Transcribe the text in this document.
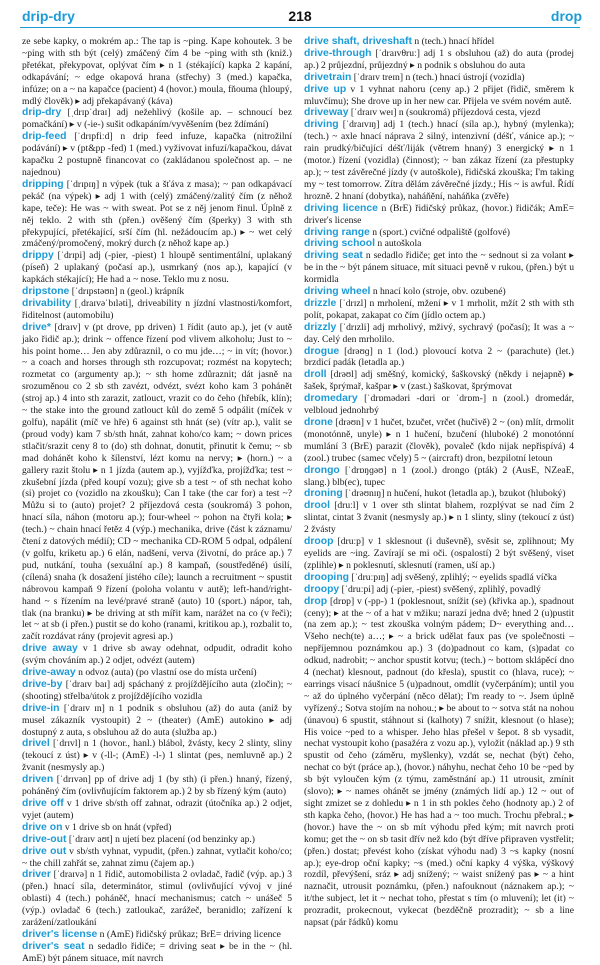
drip-dry	218	drop

ze sebe kapky, o mokrém ap.: The tap is ~ping. Kape kohoutek. 3 be ~ping with sth být (celý) zmáčený čím 4 be ~ping with sth (kniž.) přetékat, překypovat, oplývat čím ▸ n 1 (stékající) kapka 2 kapání, odkapávání; ~ edge okapová hrana (střechy) 3 (med.) kapačka, infúze; on a ~ na kapačce (pacient) 4 (hovor.) moula, fňouma (hloupý, mdlý člověk) ▸ adj překapávaný (káva)

drip-dry [ˌdrɪpˈdraɪ] adj nežehlivý (košile ap. – schnoucí bez pomačkání) ▸ v (-ie-) sušit odkapáním/vyvěšením (bez ždímání)

drip-feed [ˈdrɪpfiːd] n drip feed infuze, kapačka (nitrožilní podávání) ▸ v (pt&pp -fed) 1 (med.) vyživovat infuzí/kapačkou, dávat kapačku 2 postupně financovat co (zakládanou společnost ap. – ne najednou)

dripping [ˈdrɪpɪŋ] n výpek (tuk a šťáva z masa); ~ pan odkapávací pekáč (na výpek) ▸ adj 1 with (celý) zmáčený/zalitý čím (z něhož kape, teče): He was ~ with sweat. Pot se z něj jenom řinul. Úplně z něj teklo. 2 with sth (přen.) ověšený čím (šperky) 3 with sth překypující, přetékající, srší čím (hl. nežádoucím ap.) ▸ ~ wet celý zmáčený/promočený, mokrý durch (z něhož kape ap.)

drippy [ˈdrɪpi] adj (-pier, -piest) 1 hloupě sentimentální, uplakaný (píseň) 2 uplakaný (počasí ap.), usmrkaný (nos ap.), kapající (v kapkách stékající); He had a ~ nose. Teklo mu z nosu.

dripstone [ˈdrɪpstəʊn] n (geol.) krápník

drivability [ˌdraɪvəˈbɪləti], driveability n jízdní vlastnosti/komfort, řiditelnost (automobilu)

drive* [draɪv] v (pt drove, pp driven) 1 řídit (auto ap.), jet (v autě jako řidič ap.); drink ~ offence řízení pod vlivem alkoholu; Just to ~ his point home… Jen aby zdůraznil, o co mu jde…; ~ in vít; (hovor.) ~ a coach and horses through sth rozcupovat; rozmést na kopytech; rozmetat co (argumenty ap.); ~ sth home zdůraznit; dát jasně na srozuměnou co 2 sb sth zavézt, odvézt, svézt koho kam 3 pohánět (stroj ap.) 4 into sth zarazit, zatlouct, vrazit co do čeho (hřebík, klín); ~ the stake into the ground zatlouct kůl do země 5 odpálit (míček v golfu), napálit (míč ve hře) 6 against sth hnát (se) (vítr ap.), valit se (proud vody) kam 7 sb/sth hnát, zahnat koho/co kam; ~ down prices stlačit/srazit ceny 8 to (do) sth dohnat, donutit, přinutit k čemu; ~ sb mad dohánět koho k šílenství, lézt komu na nervy; ▸ (horn.) ~ a gallery razit štolu ▸ n 1 jízda (autem ap.), vyjížďka, projížďka; test ~ zkušební jízda (před koupí vozu); give sb a test ~ of sth nechat koho (si) projet co (vozidlo na zkoušku); Can I take (the car for) a test ~? Můžu si to (auto) projet? 2 příjezdová cesta (soukromá) 3 pohon, hnací síla, náhon (motoru ap.); four-wheel ~ pohon na čtyři kola; ▸ (tech.) ~ chain hnací řetěz 4 (výp.) mechanika, drive (část k záznamu/čtení z datových médií); CD ~ mechanika CD-ROM 5 odpal, odpálení (v golfu, kriketu ap.) 6 elán, nadšení, verva (životní, do práce ap.) 7 pud, nutkání, touha (sexuální ap.) 8 kampaň, (soustředěné) úsilí, (cílená) snaha (k dosažení jistého cíle); launch a recruitment ~ spustit nábrovou kampaň 9 řízení (poloha volantu v autě); left-hand/right-hand ~ s řízením na levé/pravé straně (auto) 10 (sport.) nápor, tah, tlak (na branku) ▸ be driving at sth mířit kam, narážet na co (v řeči); let ~ at sb (i přen.) pustit se do koho (ranami, kritikou ap.), rozbalit to, začít rozdávat rány (projevit agresi ap.)

drive away v 1 drive sb away odehnat, odpudit, odradit koho (svým chováním ap.) 2 odjet, odvézt (autem)

drive-away n odvoz (auta) (po vlastní ose do místa určení)

drive-by [ˈdraɪv baɪ] adj spáchaný z projíždějícího auta (zločin); ~ (shooting) střelba/útok z projíždějícího vozidla

drive-in [ˈdraɪv ɪn] n 1 podnik s obsluhou (až) do auta (aniž by musel zákazník vystoupit) 2 ~ (theater) (AmE) autokino ▸ adj dostupný z auta, s obsluhou až do auta (služba ap.)

drivel [ˈdrɪvl] n 1 (hovor., hanl.) blábol, žvásty, kecy 2 slinty, sliny (tekoucí z úst) ▸ v (-ll-; (AmE) -l-) 1 slintat (pes, nemluvně ap.) 2 žvanit (nesmysly ap.)

driven [ˈdrɪvən] pp of drive adj 1 (by sth) (i přen.) hnaný, řízený, poháněný čím (ovlivňujícím faktorem ap.) 2 by sb řízený kým (auto)

drive off v 1 drive sb/sth off zahnat, odrazit (útočníka ap.) 2 odjet, vyjet (autem)

drive on v 1 drive sb on hnát (vpřed)

drive-out [ˈdraɪv aʊt] n ujetí bez placení (od benzinky ap.)

drive out v sb/sth vyhnat, vypudit, (přen.) zahnat, vytlačit koho/co; ~ the chill zahřát se, zahnat zimu (čajem ap.)

driver [ˈdraɪvə] n 1 řidič, automobilista 2 ovladač, řadič (výp. ap.) 3 (přen.) hnací síla, determinátor, stimul (ovlivňující vývoj v jiné oblasti) 4 (tech.) poháněč, hnací mechanismus; catch ~ unášeč 5 (výp.) ovladač 6 (tech.) zatloukač, zarážeč, beranidlo; zařízení k zarážení/zatloukání

driver's license n (AmE) řidičský průkaz; BrE= driving licence

driver's seat n sedadlo řidiče; = driving seat ▸ be in the ~ (hl. AmE) být pánem situace, mít navrch

drive shaft, driveshaft n (tech.) hnací hřídel

drive-through [ˈdraɪvθruː] adj 1 s obsluhou (až) do auta (prodej ap.) 2 průjezdní, průjezdný ▸ n podnik s obsluhou do auta

drivetrain [ˈdraɪv treɪn] n (tech.) hnací ústrojí (vozidla)

drive up v 1 vyhnat nahoru (ceny ap.) 2 přijet (řidič, směrem k mluvčímu); She drove up in her new car. Přijela ve svém novém autě.

driveway [ˈdraɪv weɪ] n (soukromá) příjezdová cesta, vjezd

driving [ˈdraɪvɪŋ] adj 1 (tech.) hnací (síla ap.), hybný (mylenka); (tech.) ~ axle hnací náprava 2 silný, intenzivní (déšť, vánice ap.); ~ rain prudký/bičující déšť/liják (větrem hnaný) 3 energický ▸ n 1 (motor.) řízení (vozidla) (činnost); ~ ban zákaz řízení (za přestupky ap.); ~ test závěrečné jízdy (v autoškole), řidičská zkouška; I'm taking my ~ test tomorrow. Zítra dělám závěrečné jízdy.; His ~ is awful. Řídí hrozně. 2 hnaní (dobytka), naháňění, naháňka (zvěře)

driving licence n (BrE) řidičský průkaz, (hovor.) řidičák; AmE= driver's license

driving range n (sport.) cvičné odpaliště (golfové)

driving school n autoškola

driving seat n sedadlo řidiče; get into the ~ sednout si za volant ▸ be in the ~ být pánem situace, mít situaci pevně v rukou, (přen.) být u kormidla

driving wheel n hnací kolo (stroje, obv. ozubené)

drizzle [ˈdrɪzl] n mrholení, mžení ▸ v 1 mrholit, mžít 2 sth with sth polít, pokapat, zakapat co čím (jídlo octem ap.)

drizzly [ˈdrɪzli] adj mrholivý, mživý, sychravý (počasí); It was a ~ day. Celý den mrholilo.

drogue [drəʊɡ] n 1 (lod.) plovoucí kotva 2 ~ (parachute) (let.) brzdicí padák (letadla ap.)

droll [drəʊl] adj směšný, komický, šaškovský (někdy i nejapně) ▸ šašek, šprýmař, kašpar ▸ v (zast.) šaškovat, šprýmovat

dromedary [ˈdrɒmədəri -dɑri or ˈdrɒm-] n (zool.) dromedár, velbloud jednohrbý

drone [drəʊn] v 1 hučet, bzučet, vrčet (hučivě) 2 ~ (on) mlít, drmolit (monotónně, unyle) ▸ n 1 hučení, bzučení (hluboké) 2 monotónní mumlání 3 (BrE) parazit (člověk), povaleč (kdo nijak nepřispívá) 4 (zool.) trubec (samec včely) 5 ~ (aircraft) dron, bezpilotní letoun

drongo [ˈdrɒŋɡəʊ] n 1 (zool.) drongo (pták) 2 (AusE, NZeaE, slang.) blb(ec), tupec

droning [ˈdrəʊnɪŋ] n hučení, hukot (letadla ap.), bzukot (hluboký)

drool [druːl] v 1 over sth slintat blahem, rozplývat se nad čím 2 slintat, cintat 3 žvanit (nesmysly ap.) ▸ n 1 slinty, sliny (tekoucí z úst) 2 žvásty

droop [druːp] v 1 sklesnout (i duševně), svěsit se, zplihnout; My eyelids are ~ing. Zavírají se mi oči. (ospalostí) 2 být svěšený, viset (zplihle) ▸ n poklesnutí, sklesnutí (ramen, uší ap.)

drooping [ˈdruːpɪŋ] adj svěšený, zplihlý; ~ eyelids spadlá víčka

droopy [ˈdruːpi] adj (-pier, -piest) svěšený, zplihlý, povadlý

drop [drɒp] v (-pp-) 1 (poklesnout, snížit (se) (křivka ap.), spadnout (ceny); ▸ at the ~ of a hat v mžiku; narazí jedna dvě; hned 2 (u)pustit (na zem ap.); ~ test zkouška volným pádem; D~ everything and… Všeho nech(te) a…; ▸ ~ a brick udělat faux pas (ve společnosti – nepříjemnou poznámkou ap.) 3 (do)padnout co kam, (s)padat co odkud, nadrobit; ~ anchor spustit kotvu; (tech.) ~ bottom sklápěcí dno 4 (nechat) klesnout, padnout (do křesla), spustit co (hlava, ruce); ~ earrings visací náušnice 5 (u)padnout, omdlít (vyčerpáním); until you ~ až do úplného vyčerpání (něco dělat); I'm ready to ~. Jsem úplně vyřízený.; Sotva stojím na nohou.; ▸ be about to ~ sotva stát na nohou (únavou) 6 spustit, stáhnout si (kalhoty) 7 snížit, klesnout (o hlase); His voice ~ped to a whisper. Jeho hlas přešel v šepot. 8 sb vysadit, nechat vystoupit koho (pasažéra z vozu ap.), vyložit (náklad ap.) 9 sth spustit od čeho (záměru, myšlenky), vzdát se, nechat (být) čeho, nechat co být (práce ap.), (hovor.) náhyhu, nechat čeho 10 be ~ped by sb být vyloučen kým (z týmu, zaměstnání ap.) 11 utrousit, zmínit (slovo); ▸ ~ names ohánět se jmény (známých lidí ap.) 12 ~ out of sight zmizet se z dohledu ▸ n 1 in sth pokles čeho (hodnoty ap.) 2 of sth kapka čeho, (hovor.) He has had a ~ too much. Trochu přebral.; ▸ (hovor.) have the ~ on sb mít výhodu před kým; mít navrch proti komu; get the ~ on sb tasit dřív než kdo (být dříve připraven vystřelit; (přen.) dostat; převést koho (získat výhodu nad) 3 ~s kapky (nosní ap.); eye-drop oční kapky; ~s (med.) oční kapky 4 výška, výškový rozdíl, převýšení, sráz ▸ adj snížený; ~ waist snížený pas ▸ ~ a hint naznačit, utrousit poznámku, (přen.) nafouknout (náznakem ap.); ~ it/the subject, let it ~ nechat toho, přestat s tím (o mluvení); let (it) ~ prozradit, prokecnout, vykecat (bezděčně prozradit); ~ sb a line napsat (pár řádků) komu
